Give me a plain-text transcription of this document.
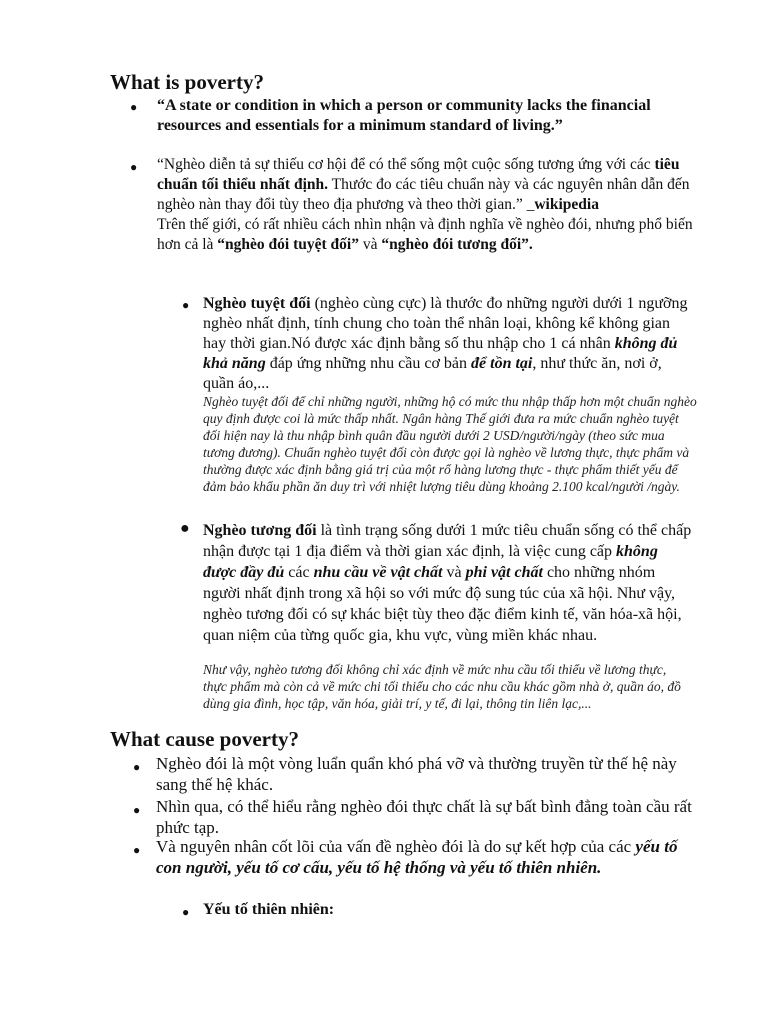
What is poverty?
● “A state or condition in which a person or community lacks the financial resources and essentials for a minimum standard of living.”

● “Nghèo diễn tả sự thiếu cơ hội để có thể sống một cuộc sống tương ứng với các tiêu chuẩn tối thiểu nhất định. Thước đo các tiêu chuẩn này và các nguyên nhân dẫn đến nghèo nàn thay đổi tùy theo địa phương và theo thời gian.” _wikipedia
Trên thế giới, có rất nhiều cách nhìn nhận và định nghĩa về nghèo đói, nhưng phổ biến hơn cả là “nghèo đói tuyệt đối” và “nghèo đói tương đối”.

● Nghèo tuyệt đối (nghèo cùng cực) là thước đo những người dưới 1 ngưỡng nghèo nhất định, tính chung cho toàn thể nhân loại, không kể không gian hay thời gian.Nó được xác định bằng số thu nhập cho 1 cá nhân không đủ khả năng đáp ứng những nhu cầu cơ bản để tồn tại, như thức ăn, nơi ở, quần áo,...

Nghèo tuyệt đối để chỉ những người, những hộ có mức thu nhập thấp hơn một chuẩn nghèo quy định được coi là mức thấp nhất. Ngân hàng Thế giới đưa ra mức chuẩn nghèo tuyệt đối hiện nay là thu nhập bình quân đầu người dưới 2 USD/người/ngày (theo sức mua tương đương). Chuẩn nghèo tuyệt đối còn được gọi là nghèo về lương thực, thực phẩm và thường được xác định bằng giá trị của một rổ hàng lương thực - thực phẩm thiết yếu để đảm bảo khẩu phần ăn duy trì với nhiệt lượng tiêu dùng khoảng 2.100 kcal/người /ngày.

● Nghèo tương đối là tình trạng sống dưới 1 mức tiêu chuẩn sống có thể chấp nhận được tại 1 địa điểm và thời gian xác định, là việc cung cấp không được đầy đủ các nhu cầu về vật chất và phi vật chất cho những nhóm người nhất định trong xã hội so với mức độ sung túc của xã hội. Như vậy, nghèo tương đối có sự khác biệt tùy theo đặc điểm kinh tế, văn hóa-xã hội, quan niệm của từng quốc gia, khu vực, vùng miền khác nhau.

Như vậy, nghèo tương đối không chỉ xác định về mức nhu cầu tối thiểu về lương thực, thực phẩm mà còn cả về mức chi tối thiểu cho các nhu cầu khác gồm nhà ở, quần áo, đồ dùng gia đình, học tập, văn hóa, giải trí, y tế, đi lại, thông tin liên lạc,...

What cause poverty?
● Nghèo đói là một vòng luẩn quẩn khó phá vỡ và thường truyền từ thế hệ này sang thế hệ khác.

● Nhìn qua, có thể hiểu rằng nghèo đói thực chất là sự bất bình đẳng toàn cầu rất phức tạp.

● Và nguyên nhân cốt lõi của vấn đề nghèo đói là do sự kết hợp của các yếu tố con người, yếu tố cơ cấu, yếu tố hệ thống và yếu tố thiên nhiên.

● Yếu tố thiên nhiên:
